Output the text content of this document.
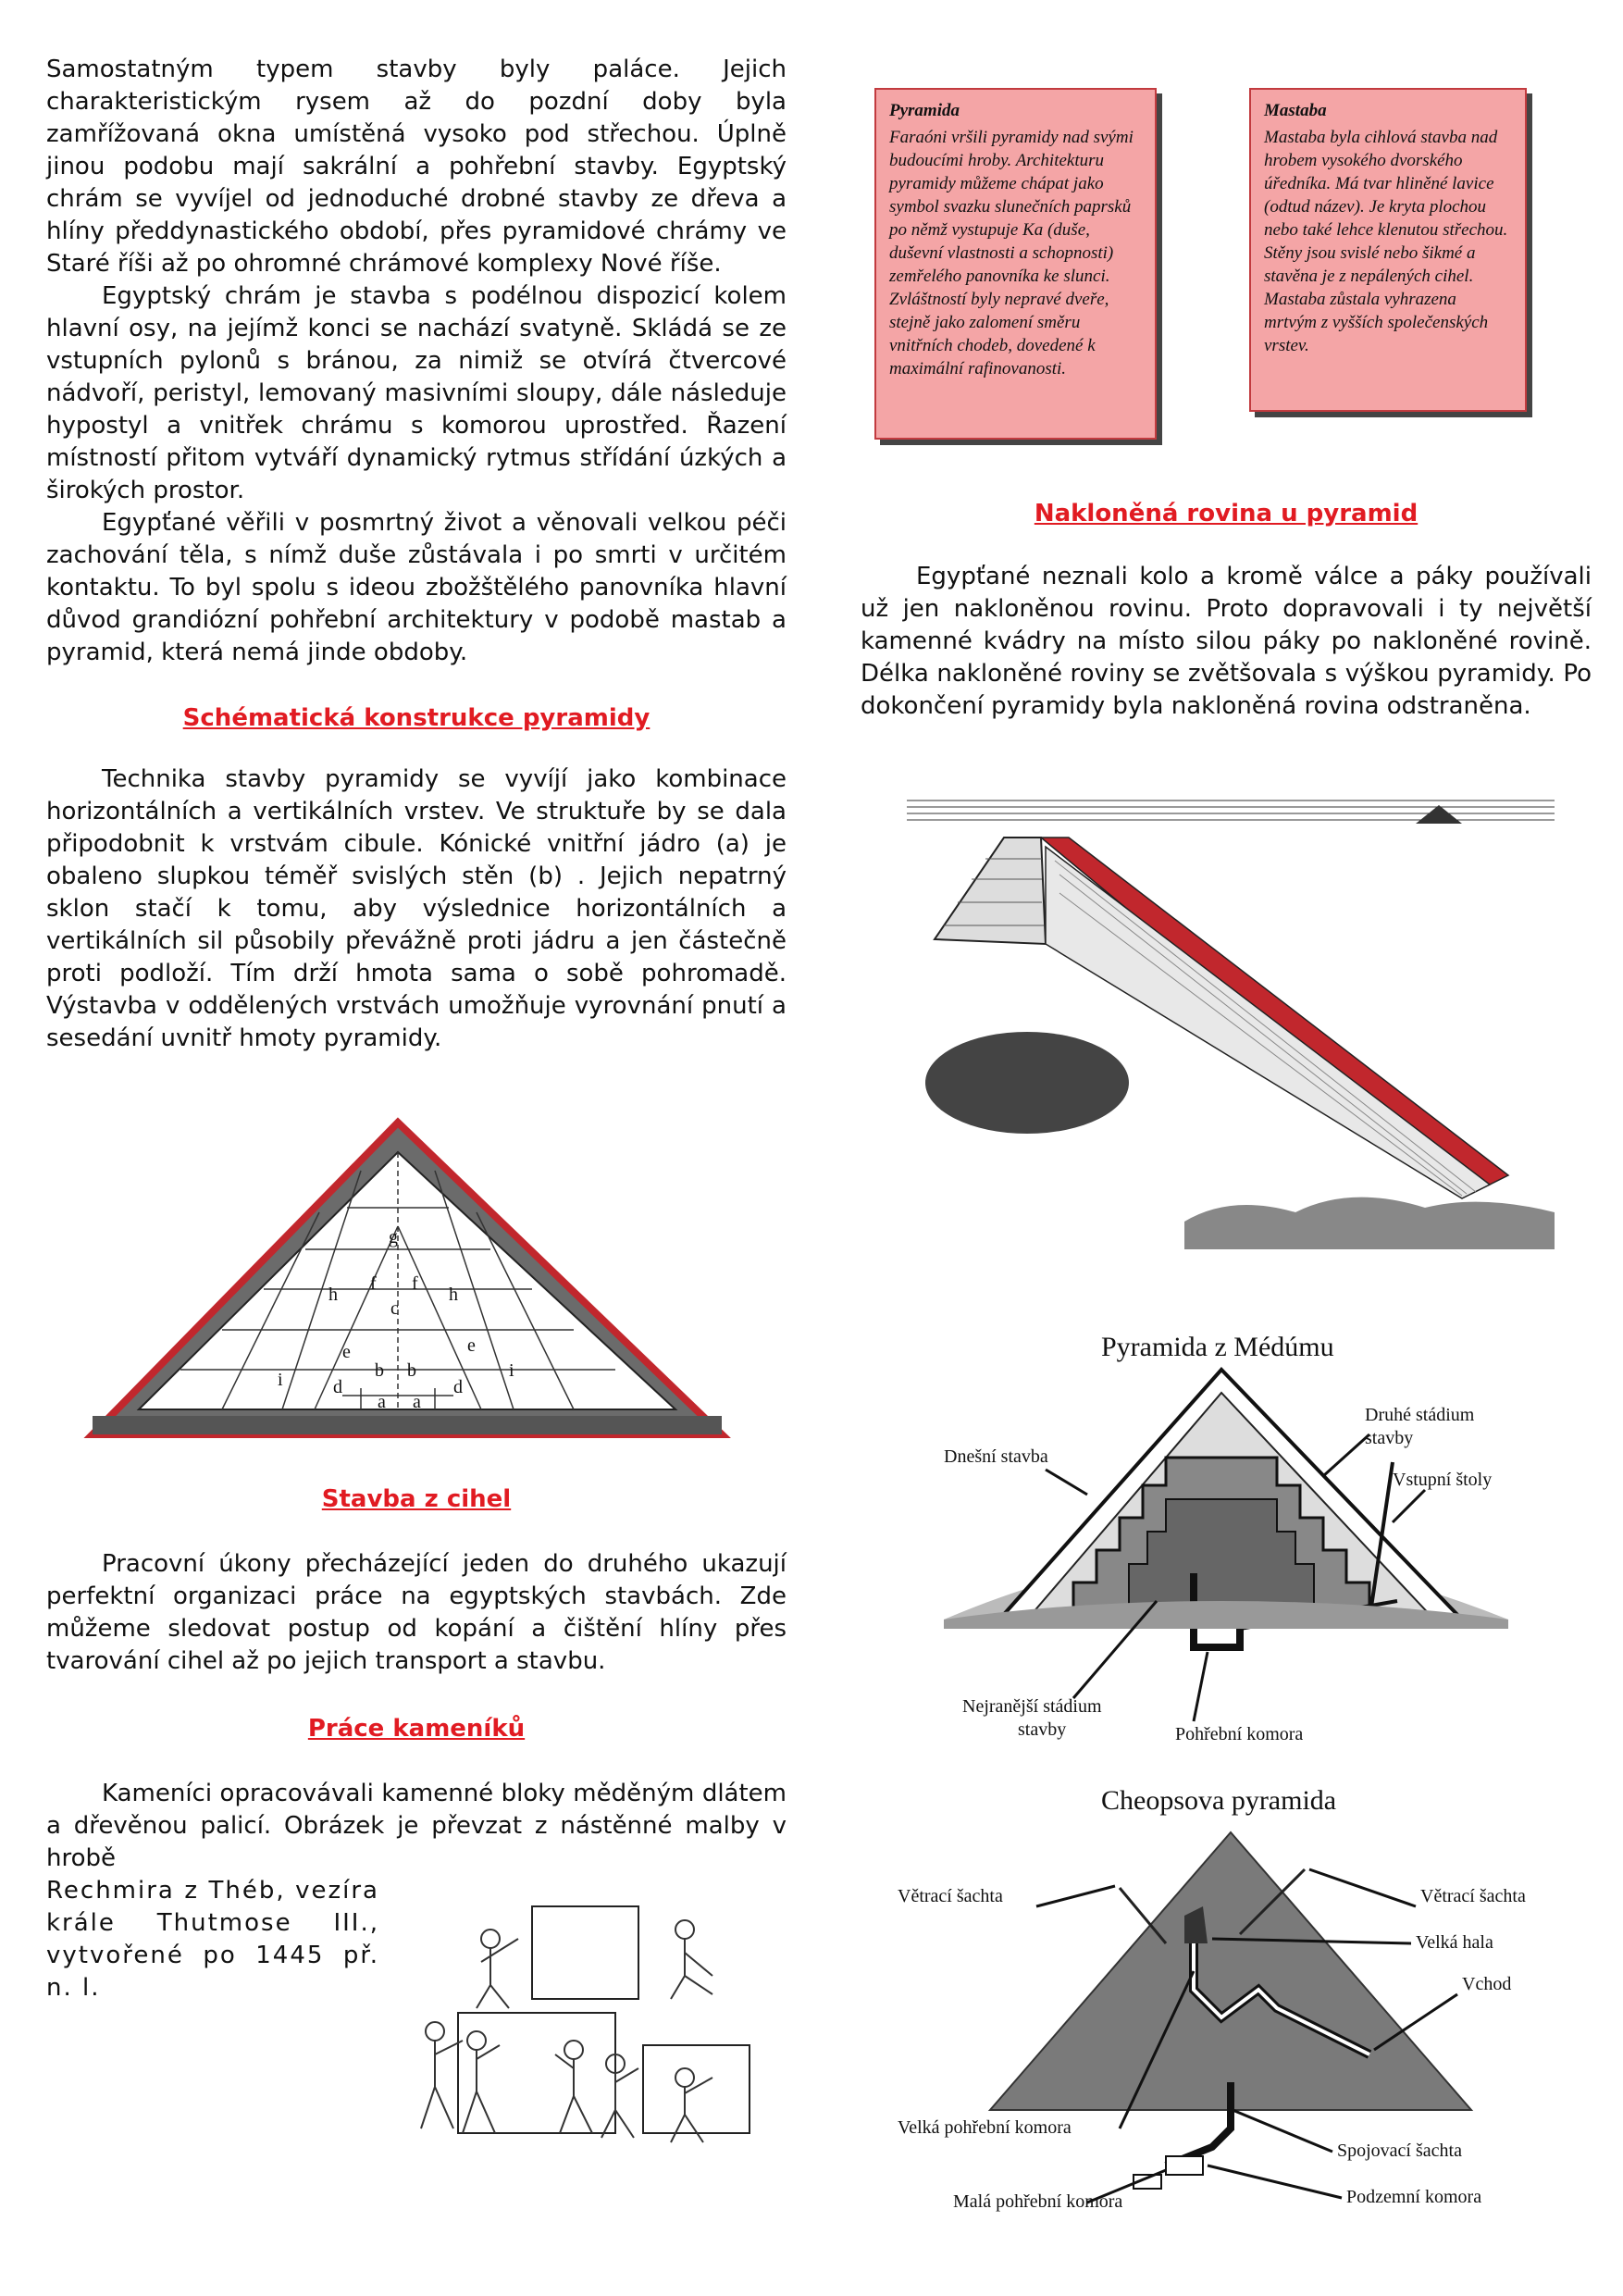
Samostatným typem stavby byly paláce. Jejich charakteristickým rysem až do pozdní doby byla zamřížovaná okna umístěná vysoko pod střechou. Úplně jinou podobu mají sakrální a pohřební stavby. Egyptský chrám se vyvíjel od jednoduché drobné stavby ze dřeva a hlíny předdynastického období, přes pyramidové chrámy ve Staré říši až po ohromné chrámové komplexy Nové říše.

Egyptský chrám je stavba s podélnou dispozicí kolem hlavní osy, na jejímž konci se nachází svatyně. Skládá se ze vstupních pylonů s bránou, za nimiž se otvírá čtvercové nádvoří, peristyl, lemovaný masivními sloupy, dále následuje hypostyl a vnitřek chrámu s komorou uprostřed. Řazení místností přitom vytváří dynamický rytmus střídání úzkých a širokých prostor.

Egypťané věřili v posmrtný život a věnovali velkou péči zachování těla, s nímž duše zůstávala i po smrti v určitém kontaktu. To byl spolu s ideou zbožštělého panovníka hlavní důvod grandiózní pohřební architektury v podobě mastab a pyramid, která nemá jinde obdoby.

Schématická konstrukce pyramidy

Technika stavby pyramidy se vyvíjí jako kombinace horizontálních a vertikálních vrstev. Ve struktuře by se dala připodobnit k vrstvám cibule. Kónické vnitřní jádro (a) je obaleno slupkou téměř svislých stěn (b) . Jejich nepatrný sklon stačí k tomu, aby výslednice horizontálních a vertikálních sil působily převážně proti jádru a jen částečně proti podloží. Tím drží hmota sama o sobě pohromadě. Výstavba v oddělených vrstvách umožňuje vyrovnání pnutí a sesedání uvnitř hmoty pyramidy.

g
h
f f
h
c
i
e
b b
e
i
d	d
a a

Stavba z cihel

Pracovní úkony přecházející jeden do druhého ukazují perfektní organizaci práce na egyptských stavbách. Zde můžeme sledovat postup od kopání a čištění hlíny přes tvarování cihel až po jejich transport a stavbu.

Práce kameníků

Kameníci opracovávali kamenné bloky měděným dlátem a dřevěnou palicí. Obrázek je převzat z nástěnné malby v hrobě

Rechmira z Théb, vezíra krále Thutmose III., vytvořené po 1445 př. n. l.

Pyramida
Faraóni vršili pyramidy nad svými budoucími hroby. Architekturu pyramidy můžeme chápat jako symbol svazku slunečních paprsků po němž vystupuje Ka (duše, duševní vlastnosti a schopnosti) zemřelého panovníka ke slunci. Zvláštností byly nepravé dveře, stejně jako zalomení směru vnitřních chodeb, dovedené k maximální rafinovanosti.
Mastaba
Mastaba byla cihlová stavba nad hrobem vysokého dvorského úředníka. Má tvar hliněné lavice (odtud název). Je kryta plochou nebo také lehce klenutou střechou. Stěny jsou svislé nebo šikmé a stavěna je z nepálených cihel. Mastaba zůstala vyhrazena mrtvým z vyšších společenských vrstev.

Nakloněná rovina u pyramid

Egypťané neznali kolo a kromě válce a páky používali už jen nakloněnou rovinu. Proto dopravovali i ty největší kamenné kvádry na místo silou páky po nakloněné rovině. Délka nakloněné roviny se zvětšovala s výškou pyramidy. Po dokončení pyramidy byla nakloněná rovina odstraněna.

Pyramida z Médúmu
Dnešní stavba
Druhé stádium
stavby
Vstupní štoly
Nejranější stádium
stavby	Pohřební komora
Cheopsova pyramida
Větrací šachta	Větrací šachta
Velká hala
Vchod
Velká pohřební komora
Spojovací šachta
Malá pohřební komora	Podzemní komora
